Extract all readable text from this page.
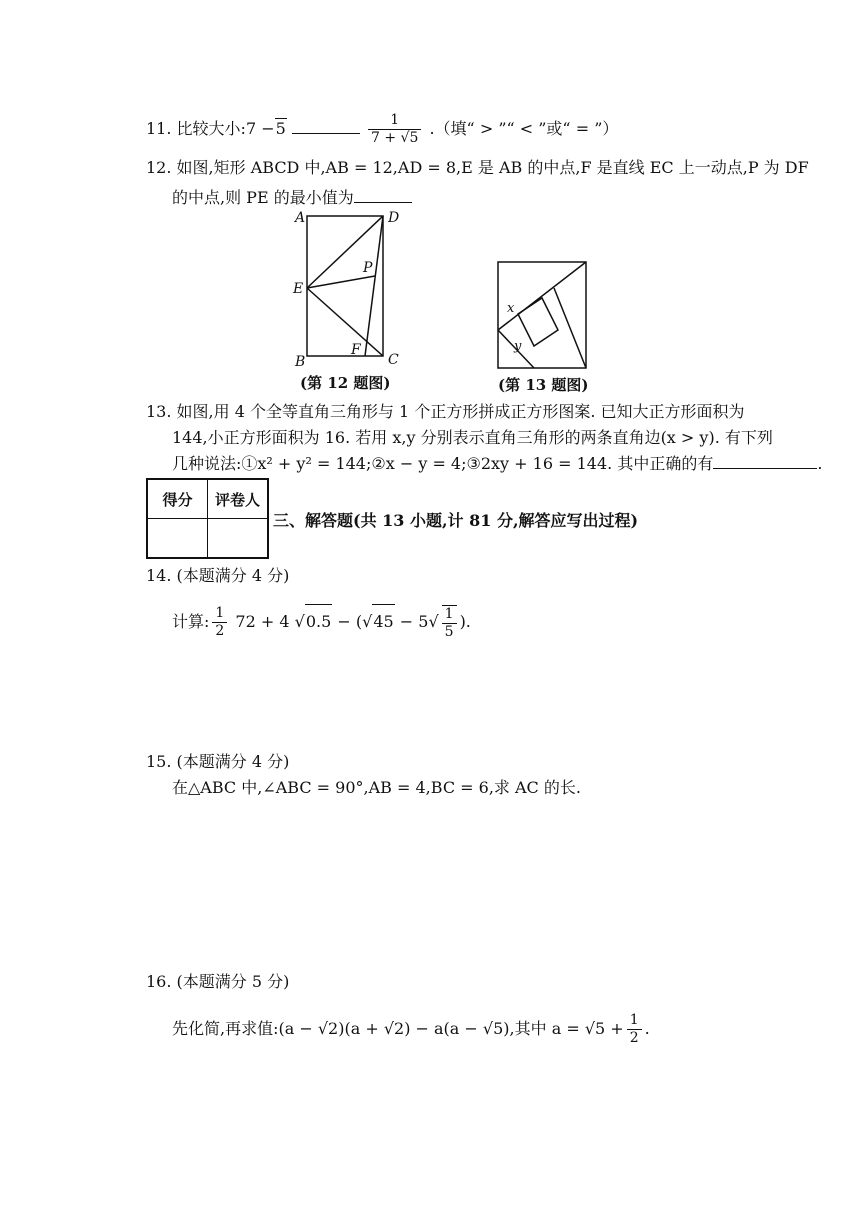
11. 比较大小:7 −5	$\frac{1}{7 + √5}$ .（填“ > ”“ < ”或“ = ”）
12. 如图,矩形 ABCD 中,AB = 12,AD = 8,E 是 AB 的中点,F 是直线 EC 上一动点,P 为 DF
的中点,则 PE 的最小值为
A	D
E
P
B
F
C
(第 12 题图)
x
y
(第 13 题图)
13. 如图,用 4 个全等直角三角形与 1 个正方形拼成正方形图案. 已知大正方形面积为
144,小正方形面积为 16. 若用 x,y 分别表示直角三角形的两条直角边(x > y). 有下列
几种说法:①x² + y² = 144;②x − y = 4;③2xy + 16 = 144. 其中正确的有	.
得分	评卷人

三、解答题(共 13 小题,计 81 分,解答应写出过程)
14. (本题满分 4 分)
计算: $\frac{1}{2} 72 + 4$ $√0.5 - (√45 - 5√ \frac{1}{5}$ ).
15. (本题满分 4 分)
在△ABC 中,∠ABC = 90°,AB = 4,BC = 6,求 AC 的长.
16. (本题满分 5 分)
先化简,再求值:(a − √2)(a + √2) − a(a − √5),其中 $a = √5 + \frac{1}{2}$ .
